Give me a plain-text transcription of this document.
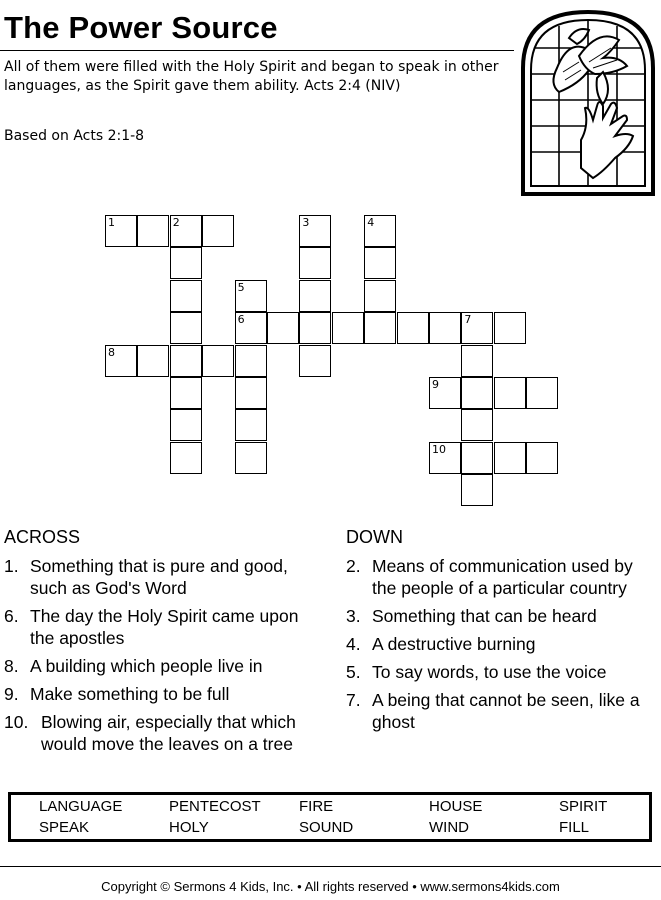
The Power Source

All of them were filled with the Holy Spirit and began to speak in other languages, as the Spirit gave them ability. Acts 2:4 (NIV)

Based on Acts 2:1-8

1	2	3	4
5
6	7
8
9
10
ACROSS
1. Something that is pure and good, such as God's Word
6. The day the Holy Spirit came upon the apostles
8. A building which people live in
9. Make something to be full
10. Blowing air, especially that which would move the leaves on a tree
DOWN
2. Means of communication used by the people of a particular country
3. Something that can be heard
4. A destructive burning
5. To say words, to use the voice
7. A being that cannot be seen, like a ghost
LANGUAGE	PENTECOST	FIRE	HOUSE	SPIRIT
SPEAK	HOLY	SOUND	WIND	FILL
Copyright © Sermons 4 Kids, Inc. • All rights reserved • www.sermons4kids.com
